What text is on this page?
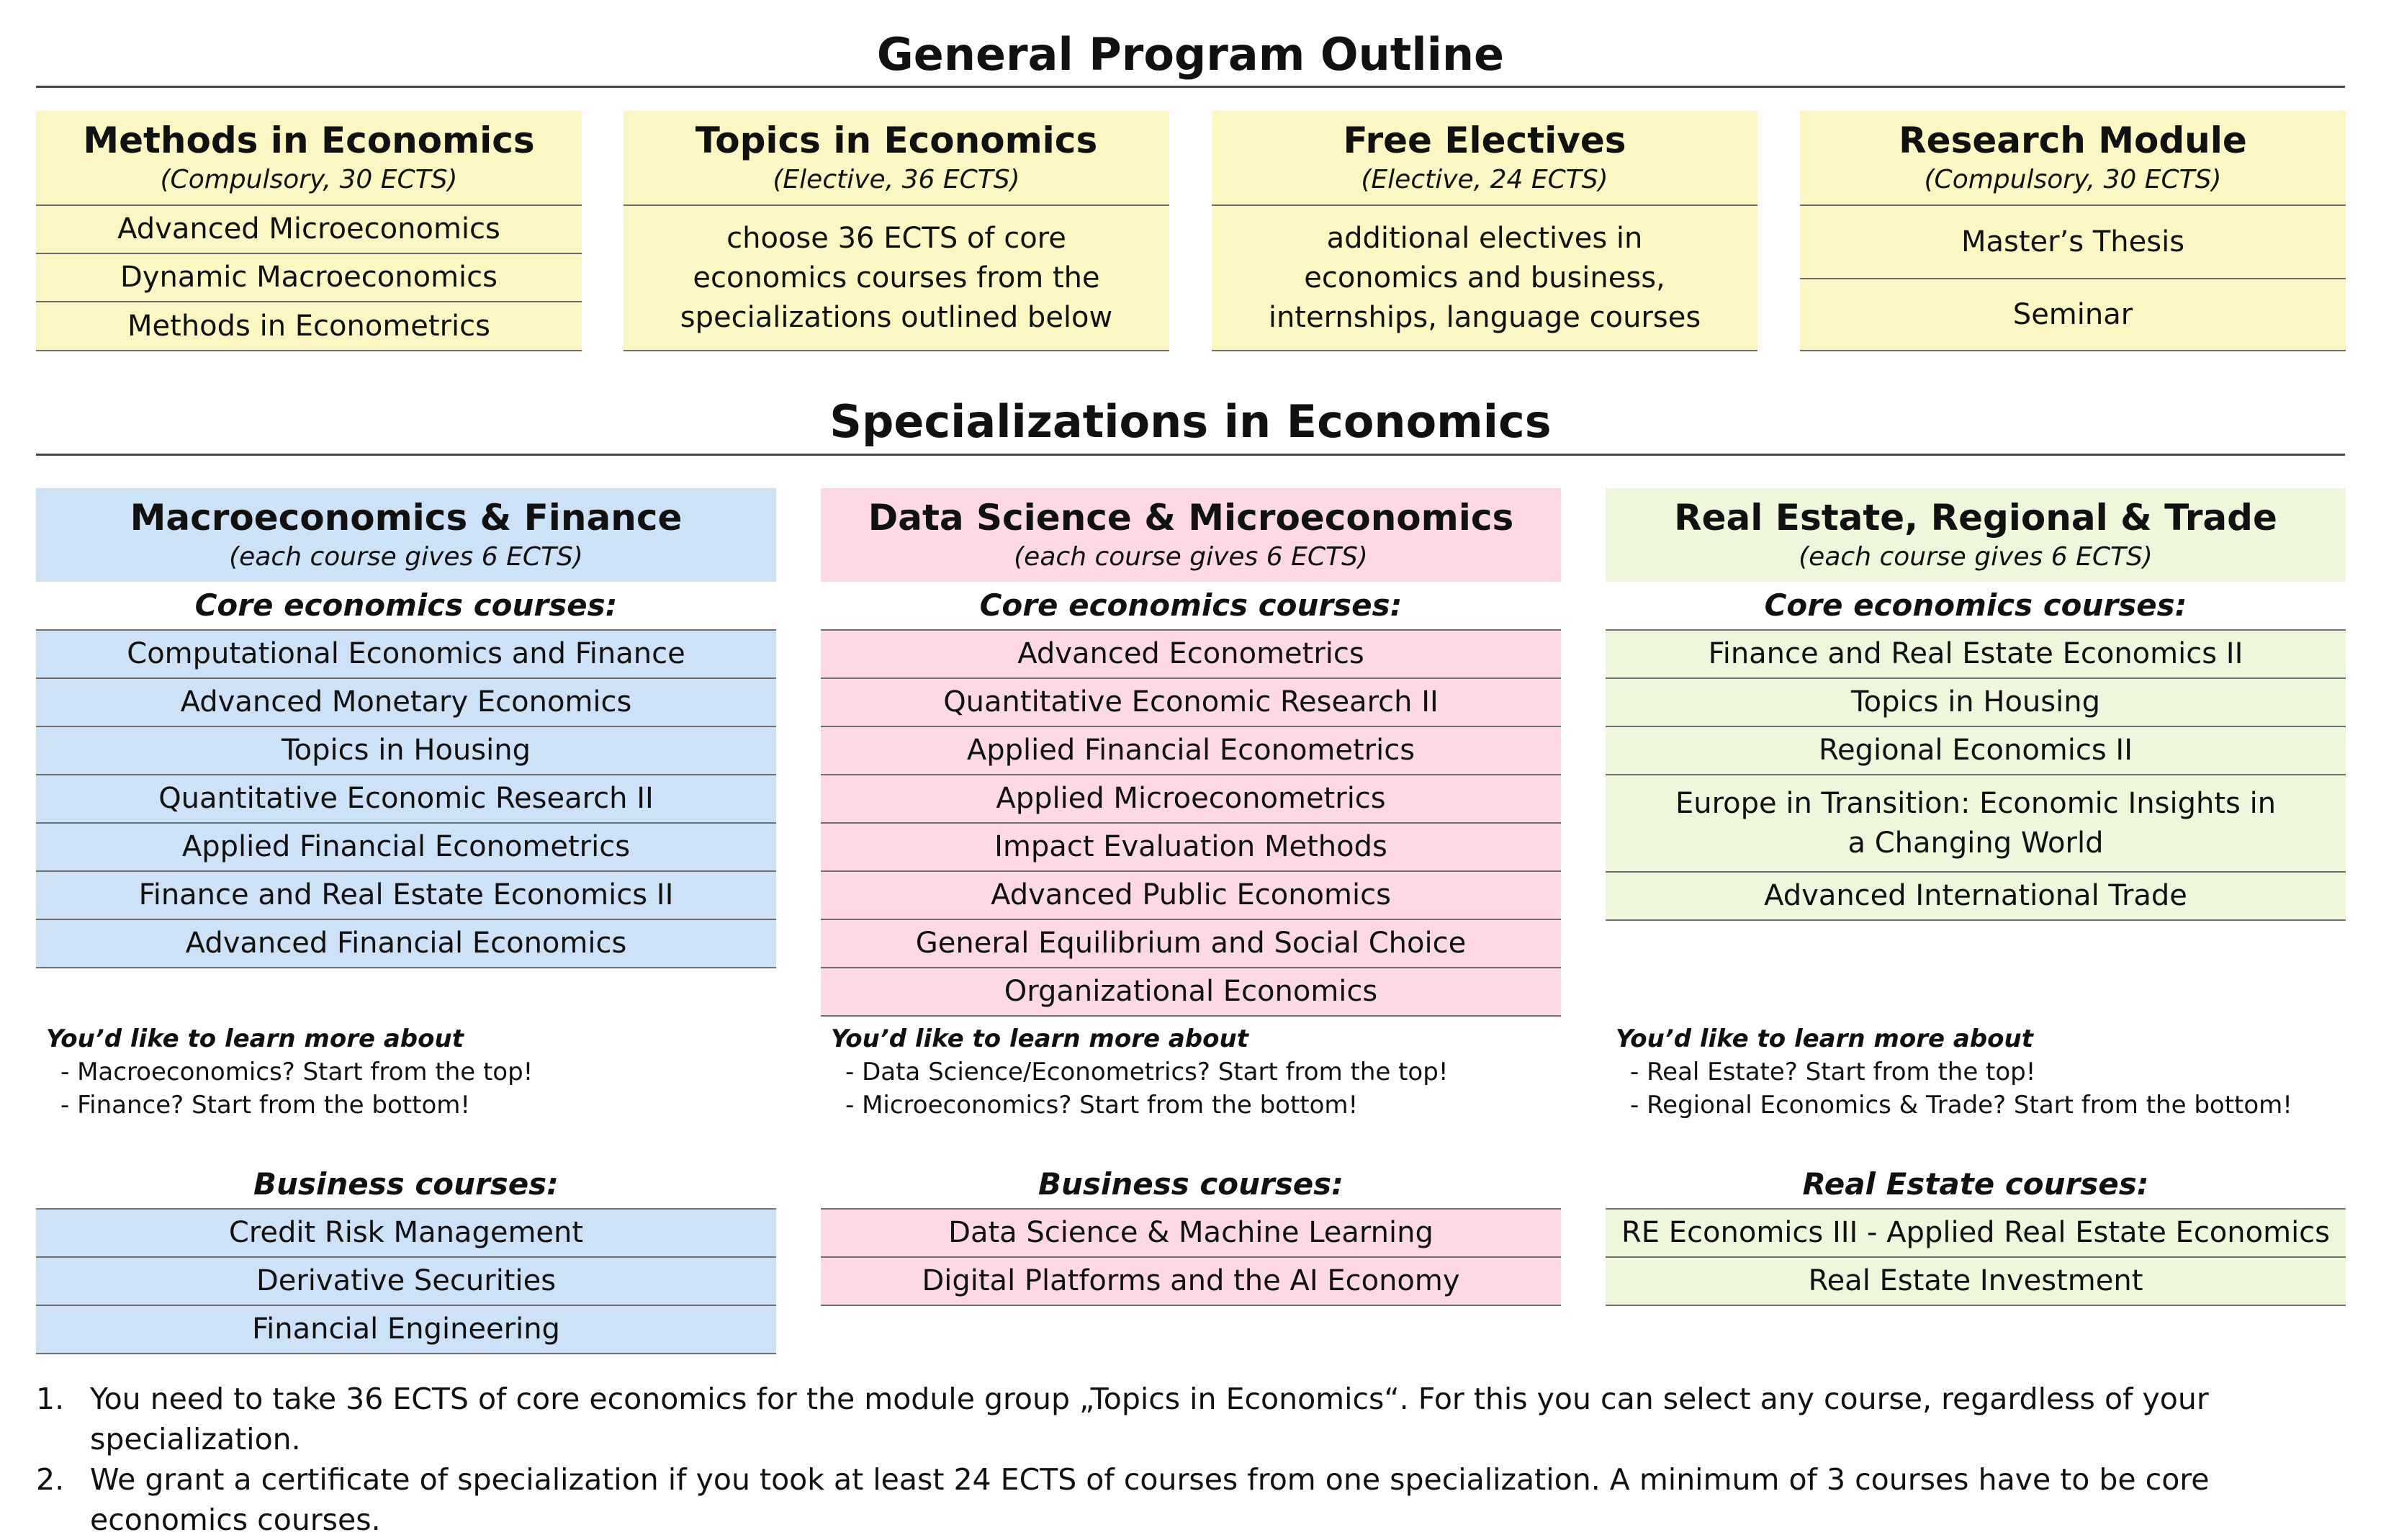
General Program Outline
Methods in Economics
(Compulsory, 30 ECTS)
Advanced Microeconomics
Dynamic Macroeconomics
Methods in Econometrics
Topics in Economics
(Elective, 36 ECTS)
choose 36 ECTS of core economics courses from the specializations outlined below
Free Electives
(Elective, 24 ECTS)
additional electives in economics and business, internships, language courses
Research Module
(Compulsory, 30 ECTS)
Master’s Thesis
Seminar
Specializations in Economics
Macroeconomics & Finance
(each course gives 6 ECTS)
Core economics courses:
Computational Economics and Finance
Advanced Monetary Economics
Topics in Housing
Quantitative Economic Research II
Applied Financial Econometrics
Finance and Real Estate Economics II
Advanced Financial Economics
You’d like to learn more about
- Macroeconomics? Start from the top!
- Finance? Start from the bottom!
Business courses:
Credit Risk Management
Derivative Securities
Financial Engineering
Data Science & Microeconomics
(each course gives 6 ECTS)
Core economics courses:
Advanced Econometrics
Quantitative Economic Research II
Applied Financial Econometrics
Applied Microeconometrics
Impact Evaluation Methods
Advanced Public Economics
General Equilibrium and Social Choice
Organizational Economics
You’d like to learn more about
- Data Science/Econometrics? Start from the top!
- Microeconomics? Start from the bottom!
Business courses:
Data Science & Machine Learning
Digital Platforms and the AI Economy
Real Estate, Regional & Trade
(each course gives 6 ECTS)
Core economics courses:
Finance and Real Estate Economics II
Topics in Housing
Regional Economics II
Europe in Transition: Economic Insights in a Changing World
Advanced International Trade
You’d like to learn more about
- Real Estate? Start from the top!
- Regional Economics & Trade? Start from the bottom!
Real Estate courses:
RE Economics III - Applied Real Estate Economics
Real Estate Investment
1. You need to take 36 ECTS of core economics for the module group „Topics in Economics“. For this you can select any course, regardless of your specialization.
2. We grant a certificate of specialization if you took at least 24 ECTS of courses from one specialization. A minimum of 3 courses have to be core economics courses.
